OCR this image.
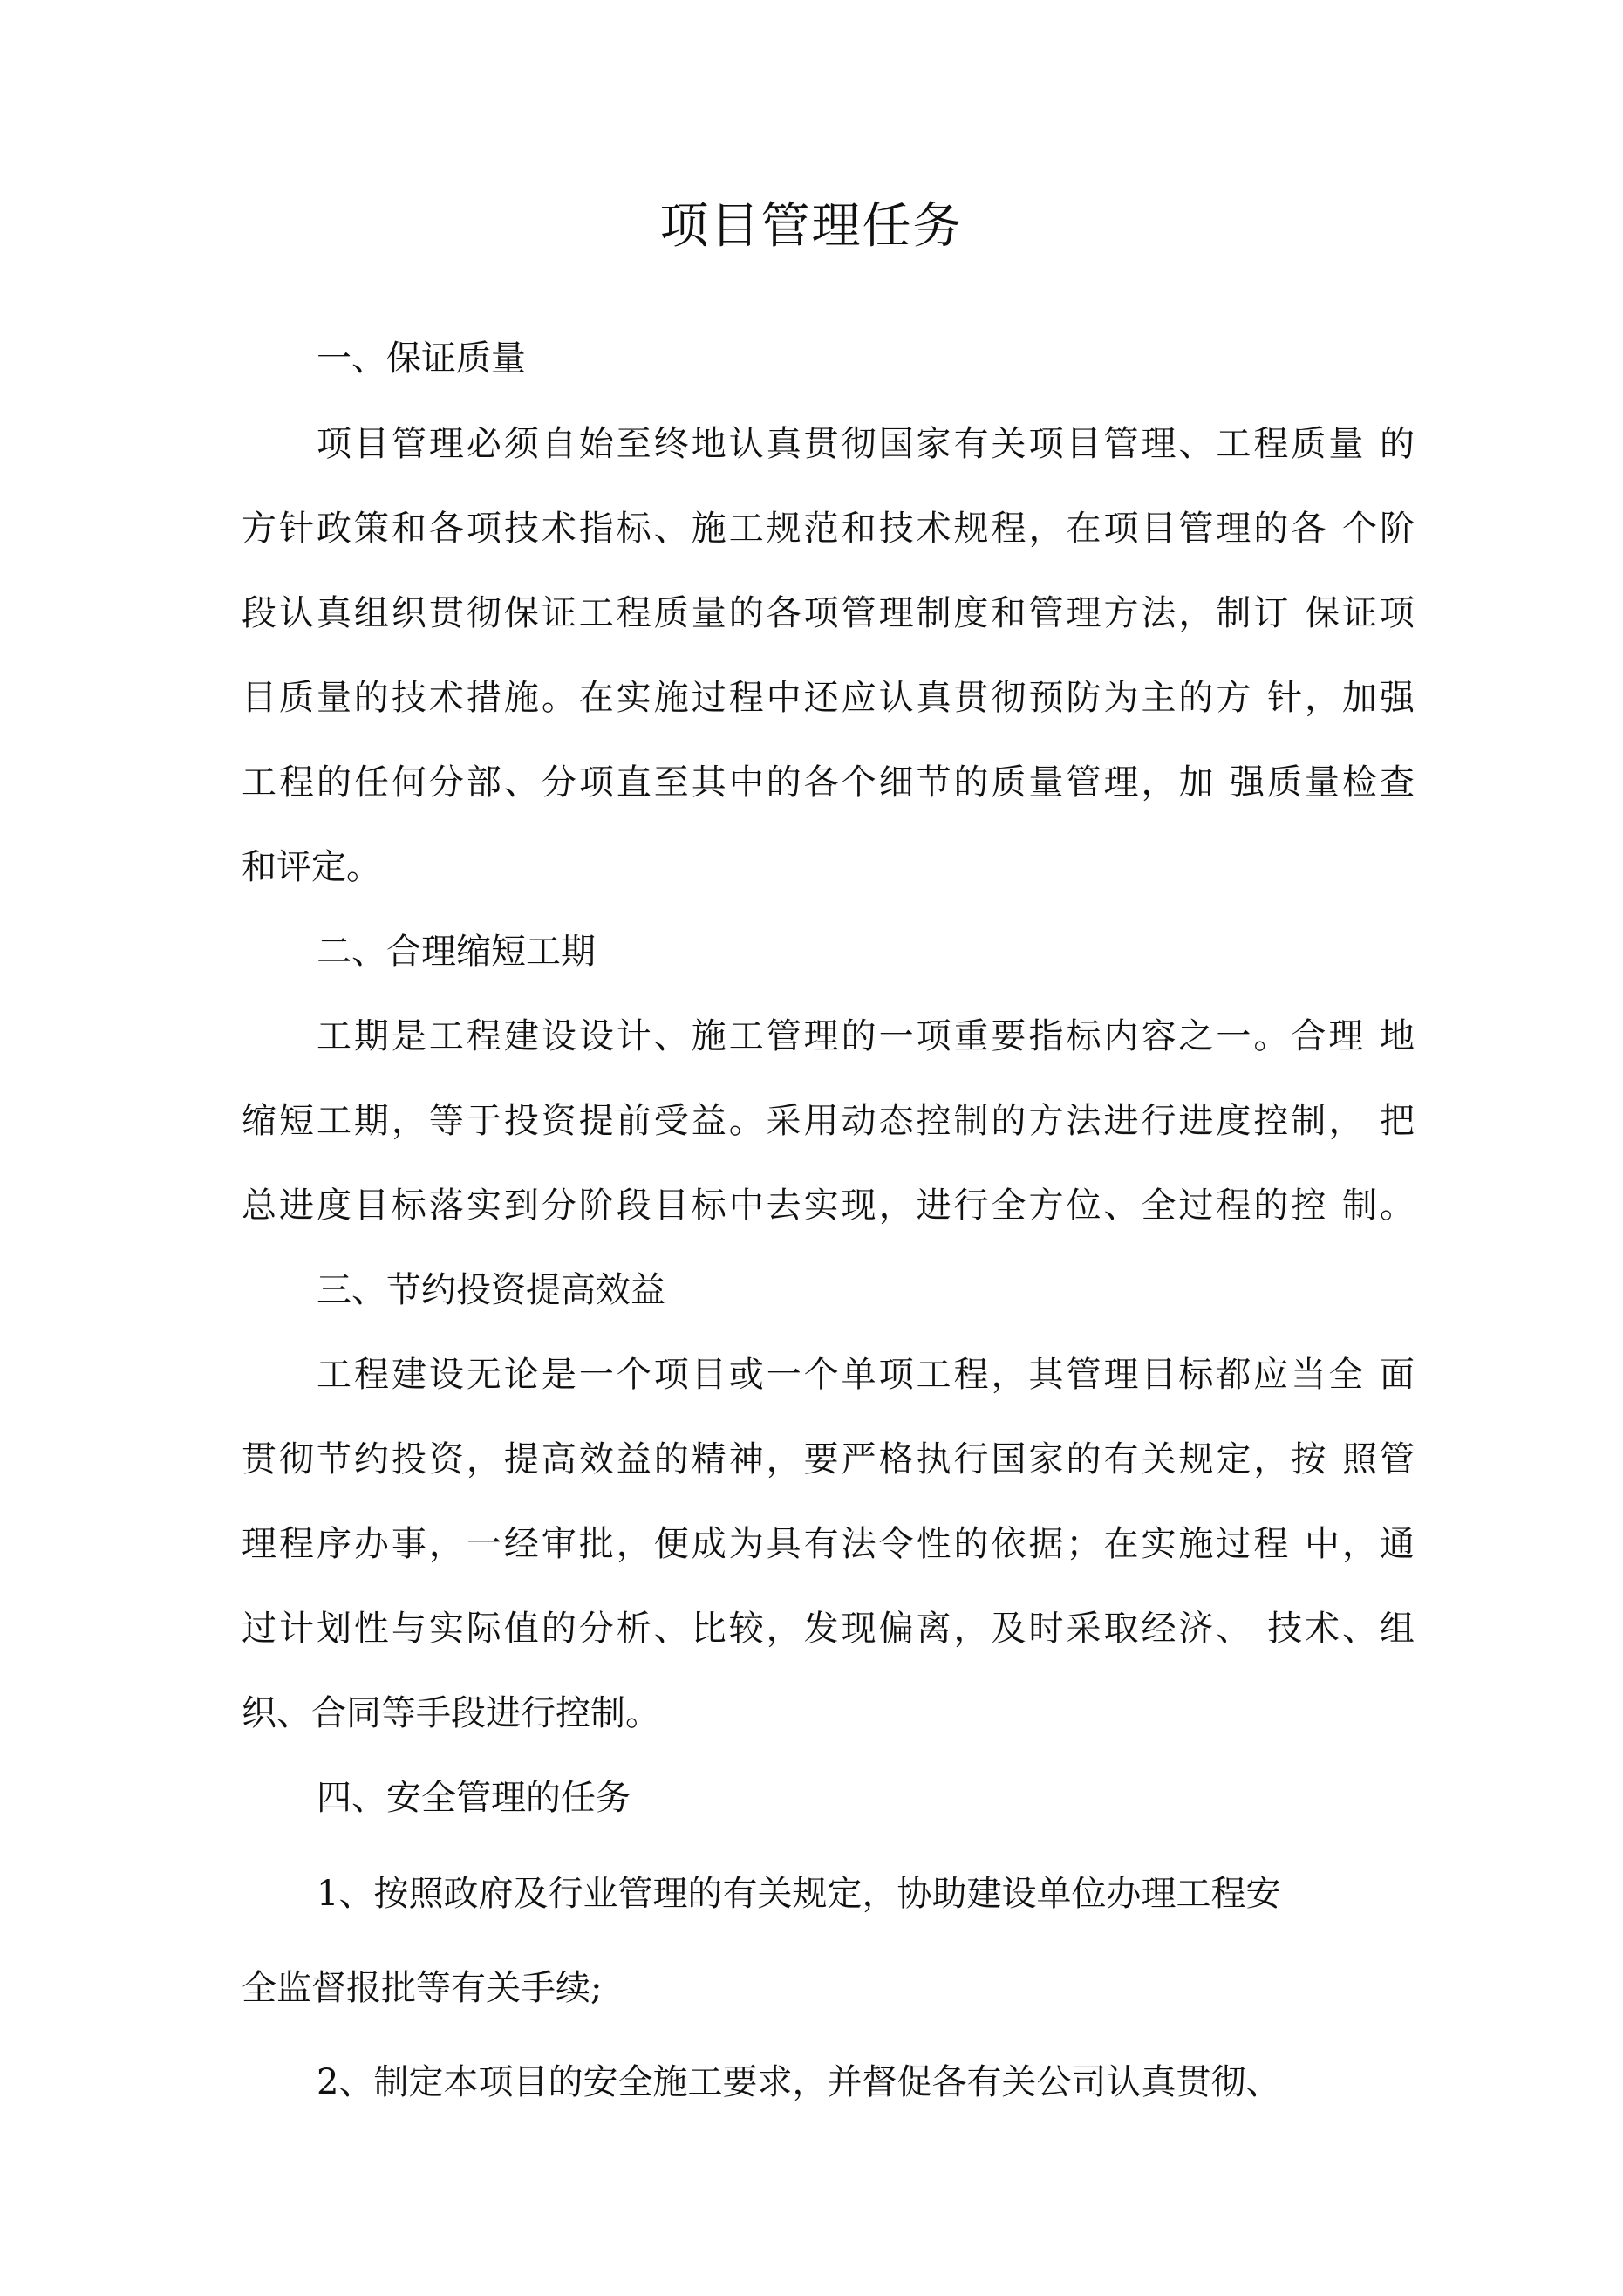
项目管理任务
一、保证质量
项目管理必须自始至终地认真贯彻国家有关项目管理、工程质量 的
方针政策和各项技术指标、施工规范和技术规程，在项目管理的各 个阶
段认真组织贯彻保证工程质量的各项管理制度和管理方法，制订 保证项
目质量的技术措施。在实施过程中还应认真贯彻预防为主的方 针，加强
工程的任何分部、分项直至其中的各个细节的质量管理，加 强质量检查
和评定。
二、合理缩短工期
工期是工程建设设计、施工管理的一项重要指标内容之一。合理 地
缩短工期，等于投资提前受益。采用动态控制的方法进行进度控制， 把
总进度目标落实到分阶段目标中去实现，进行全方位、全过程的控 制。
三、节约投资提高效益
工程建设无论是一个项目或一个单项工程，其管理目标都应当全 面
贯彻节约投资，提高效益的精神，要严格执行国家的有关规定，按 照管
理程序办事，一经审批，便成为具有法令性的依据；在实施过程 中，通
过计划性与实际值的分析、比较，发现偏离，及时采取经济、 技术、组
织、合同等手段进行控制。
四、安全管理的任务
1、按照政府及行业管理的有关规定，协助建设单位办理工程安
全监督报批等有关手续;
2、制定本项目的安全施工要求，并督促各有关公司认真贯彻、
